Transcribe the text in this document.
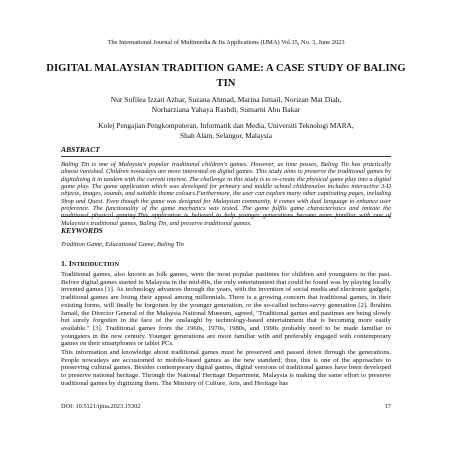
The International Journal of Multimedia & Its Applications (IJMA) Vol.15, No. 3, June 2023
DIGITAL MALAYSIAN TRADITION GAME: A CASE STUDY OF BALING TIN
Nur Sufilea Izzati Azhar, Suzana Ahmad, Marina Ismail, Norizan Mat Diah,
Norharziana Yahaya Rashdi, Sumarni Abu Bakar
Kolej Pengajian Pengkomputeran, Informatik dan Media, Universiti Teknologi MARA,
Shah Alam, Selangor, Malaysia
ABSTRACT
Baling Tin is one of Malaysia's popular traditional children's games. However, as time passes, Baling Tin has practically almost vanished. Children nowadays are more interested on digital games. This study aims to preserve the traditional games by digitalizing it in tandem with the current interest. The challenge in this study is to re-create the physical game play into a digital game play. The game application which was developed for primary and middle school childrenalso includes interactive 3-D objects, images, sounds, and suitable theme colours.Furthermore, the user can explore many other captivating pages, including Shop and Quest. Even though the game was designed for Malaysian community, it comes with dual language to enhance user preference. The functionality of the game mechanics was tested. The game fulfils game characteristics and imitate the traditional physical gaming.This application is believed to help younger generations become more familiar with one of Malaysia's traditional games, Baling Tin, and preserve traditional games.
KEYWORDS
Tradition Game, Educational Game, Baling Tin
1. INTRODUCTION
Traditional games, also known as folk games, were the most popular pastimes for children and youngsters in the past. Before digital games started in Malaysia in the mid-80s, the only entertainment that could be found was by playing locally invented games [1]. As technology advances through the years, with the invention of social media and electronic gadgets, traditional games are losing their appeal among millennials. There is a growing concern that traditional games, in their existing forms, will finally be forgotten by the younger generation, or the so-called techno-savvy generation [2]. Ibrahim Ismail, the Director General of the Malaysia National Museum, agreed, "Traditional games and pastimes are being slowly but surely forgotten in the face of the onslaught by technology-based entertainment that is becoming more easily available." [3]. Traditional games from the 1960s, 1970s, 1980s, and 1990s probably need to be made familiar to youngsters in the new century. Younger generations are more familiar with and preferably engaged with contemporary games on their smartphones or tablet PCs.
This information and knowledge about traditional games must be preserved and passed down through the generations. People nowadays are accustomed to mobile-based games as the new standard; thus, this is one of the approaches to preserving cultural games. Besides contemporary digital games, digital versions of traditional games have been developed to preserve national heritage. Through the National Heritage Department, Malaysia is making the same effort to preserve traditional games by digitizing them. The Ministry of Culture, Arts, and Heritage has
DOI: 10.5121/ijma.2023.15302	17
